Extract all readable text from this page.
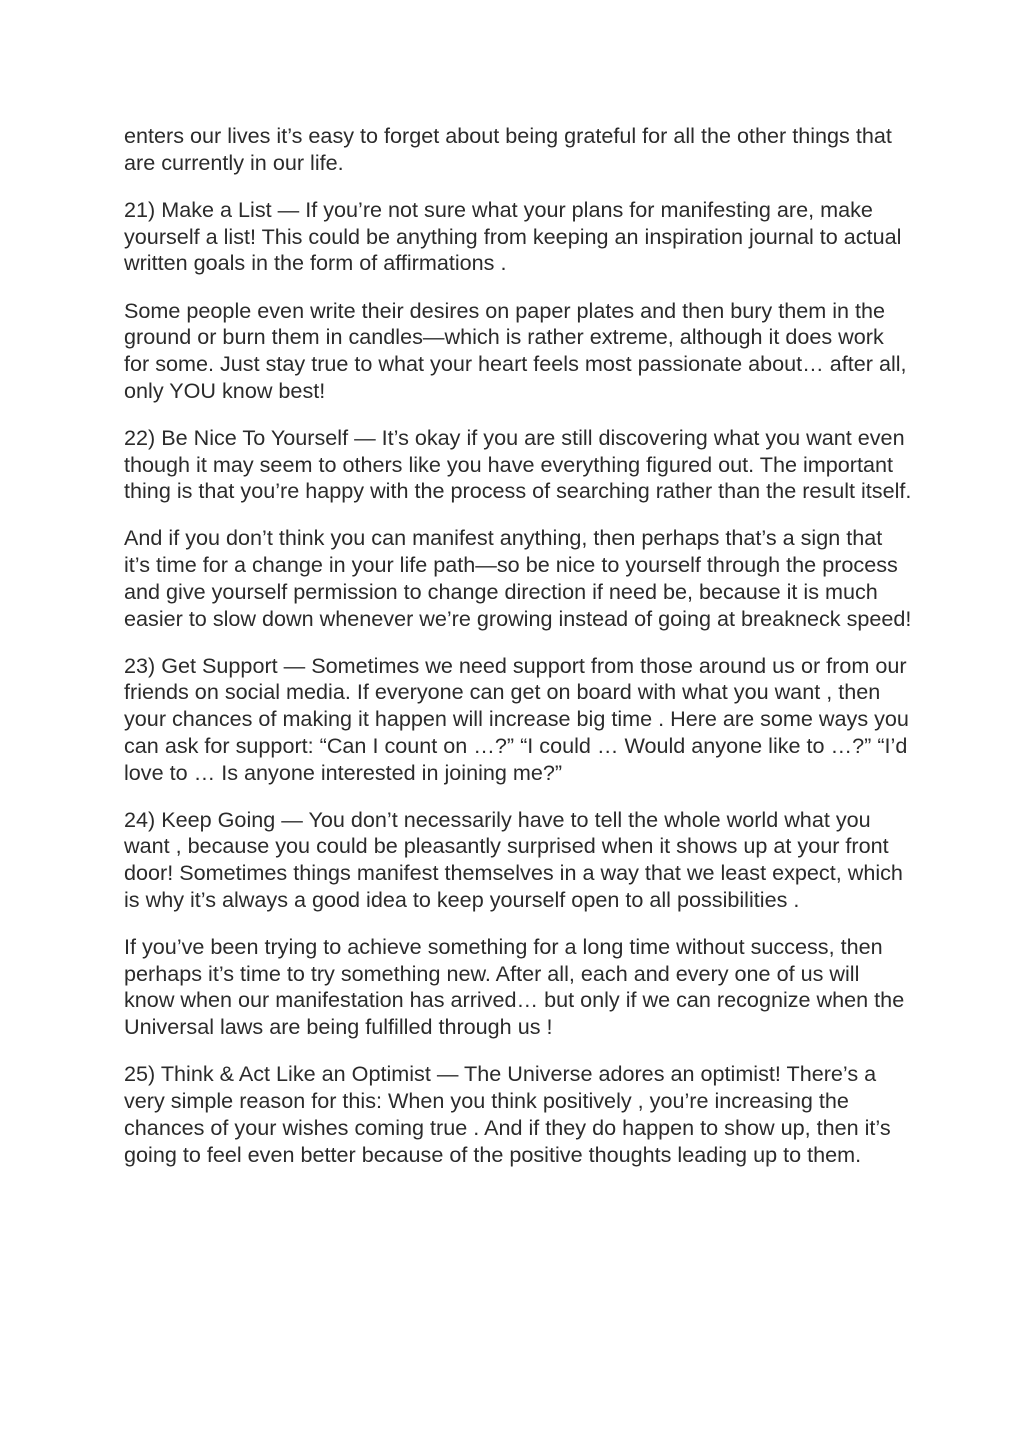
enters our lives it’s easy to forget about being grateful for all the other things that are currently in our life.

21) Make a List — If you’re not sure what your plans for manifesting are, make yourself a list! This could be anything from keeping an inspiration journal to actual written goals in the form of affirmations .

Some people even write their desires on paper plates and then bury them in the ground or burn them in candles—which is rather extreme, although it does work for some. Just stay true to what your heart feels most passionate about… after all, only YOU know best!

22) Be Nice To Yourself — It’s okay if you are still discovering what you want even though it may seem to others like you have everything figured out. The important thing is that you’re happy with the process of searching rather than the result itself.

And if you don’t think you can manifest anything, then perhaps that’s a sign that it’s time for a change in your life path—so be nice to yourself through the process and give yourself permission to change direction if need be, because it is much easier to slow down whenever we’re growing instead of going at breakneck speed!

23) Get Support — Sometimes we need support from those around us or from our friends on social media. If everyone can get on board with what you want , then your chances of making it happen will increase big time . Here are some ways you can ask for support: “Can I count on …?” “I could … Would anyone like to …?” “I’d love to … Is anyone interested in joining me?”

24) Keep Going — You don’t necessarily have to tell the whole world what you want , because you could be pleasantly surprised when it shows up at your front door! Sometimes things manifest themselves in a way that we least expect, which is why it’s always a good idea to keep yourself open to all possibilities .

If you’ve been trying to achieve something for a long time without success, then perhaps it’s time to try something new. After all, each and every one of us will know when our manifestation has arrived… but only if we can recognize when the Universal laws are being fulfilled through us !

25) Think & Act Like an Optimist — The Universe adores an optimist! There’s a very simple reason for this: When you think positively , you’re increasing the chances of your wishes coming true . And if they do happen to show up, then it’s going to feel even better because of the positive thoughts leading up to them.
